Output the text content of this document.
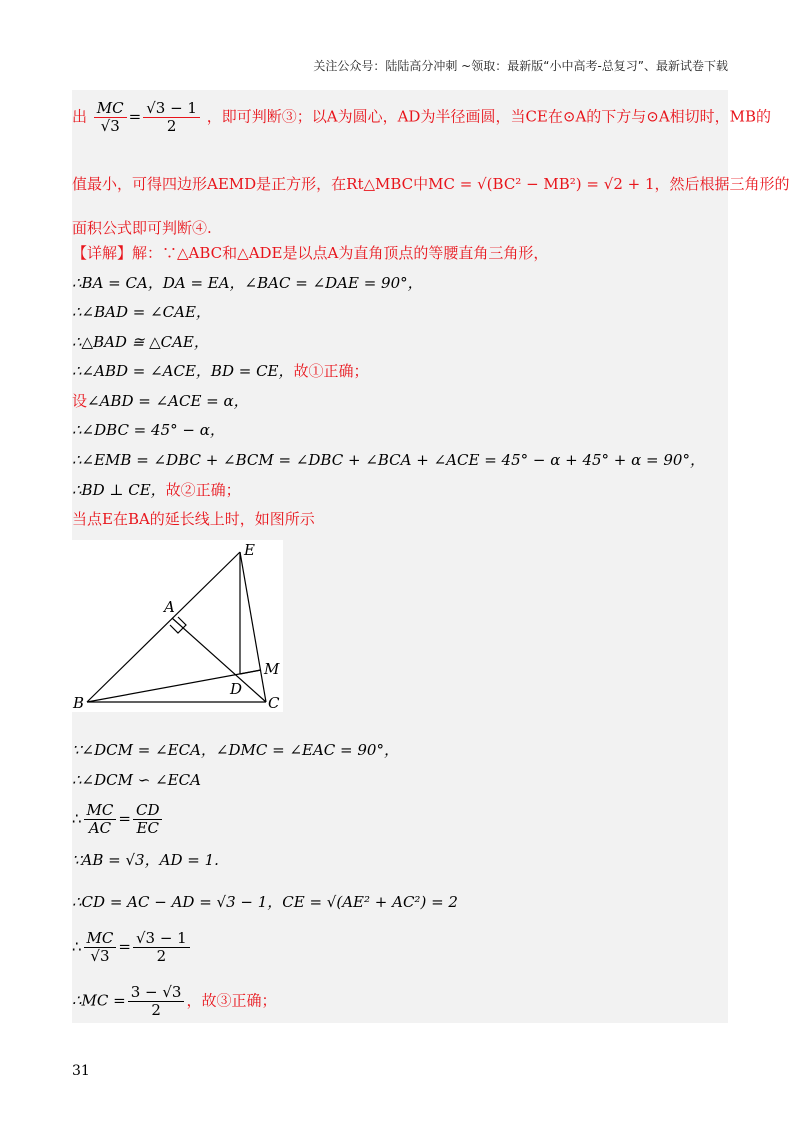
关注公众号：陆陆高分冲刺 ~领取：最新版“小中高考-总复习”、最新试卷下载
出 $\frac{MC}{√3} = \frac{√3 - 1}{2}$ ，即可判断③；以A为圆心，AD为半径画圆，当CE在⊙A的下方与⊙A相切时，MB的
值最小，可得四边形AEMD是正方形，在Rt△MBC中MC = √(BC² − MB²) = √2 + 1，然后根据三角形的
面积公式即可判断④.
【详解】解：∵△ABC和△ADE是以点A为直角顶点的等腰直角三角形，
∴BA = CA，DA = EA，∠BAC = ∠DAE = 90°，
∴∠BAD = ∠CAE，
∴△BAD ≅ △CAE，
∴∠ABD = ∠ACE，BD = CE，故①正确；
设∠ABD = ∠ACE = α，
∴∠DBC = 45° − α，
∴∠EMB = ∠DBC + ∠BCM = ∠DBC + ∠BCA + ∠ACE = 45° − α + 45° + α = 90°，
∴BD ⊥ CE，故②正确；
当点E在BA的延长线上时，如图所示
E
A
M
D
B	C
∵∠DCM = ∠ECA，∠DMC = ∠EAC = 90°，
∴∠DCM ∽ ∠ECA
∴ $\frac{MC}{AC} = \frac{CD}{EC}$
∵AB = √3，AD = 1.
∴CD = AC − AD = √3 − 1，CE = √(AE² + AC²) = 2
∴ $\frac{MC}{√3} = \frac{√3 - 1}{2}$
∴MC = $\frac{3 - √3}{2}$ ，故③正确；
31
